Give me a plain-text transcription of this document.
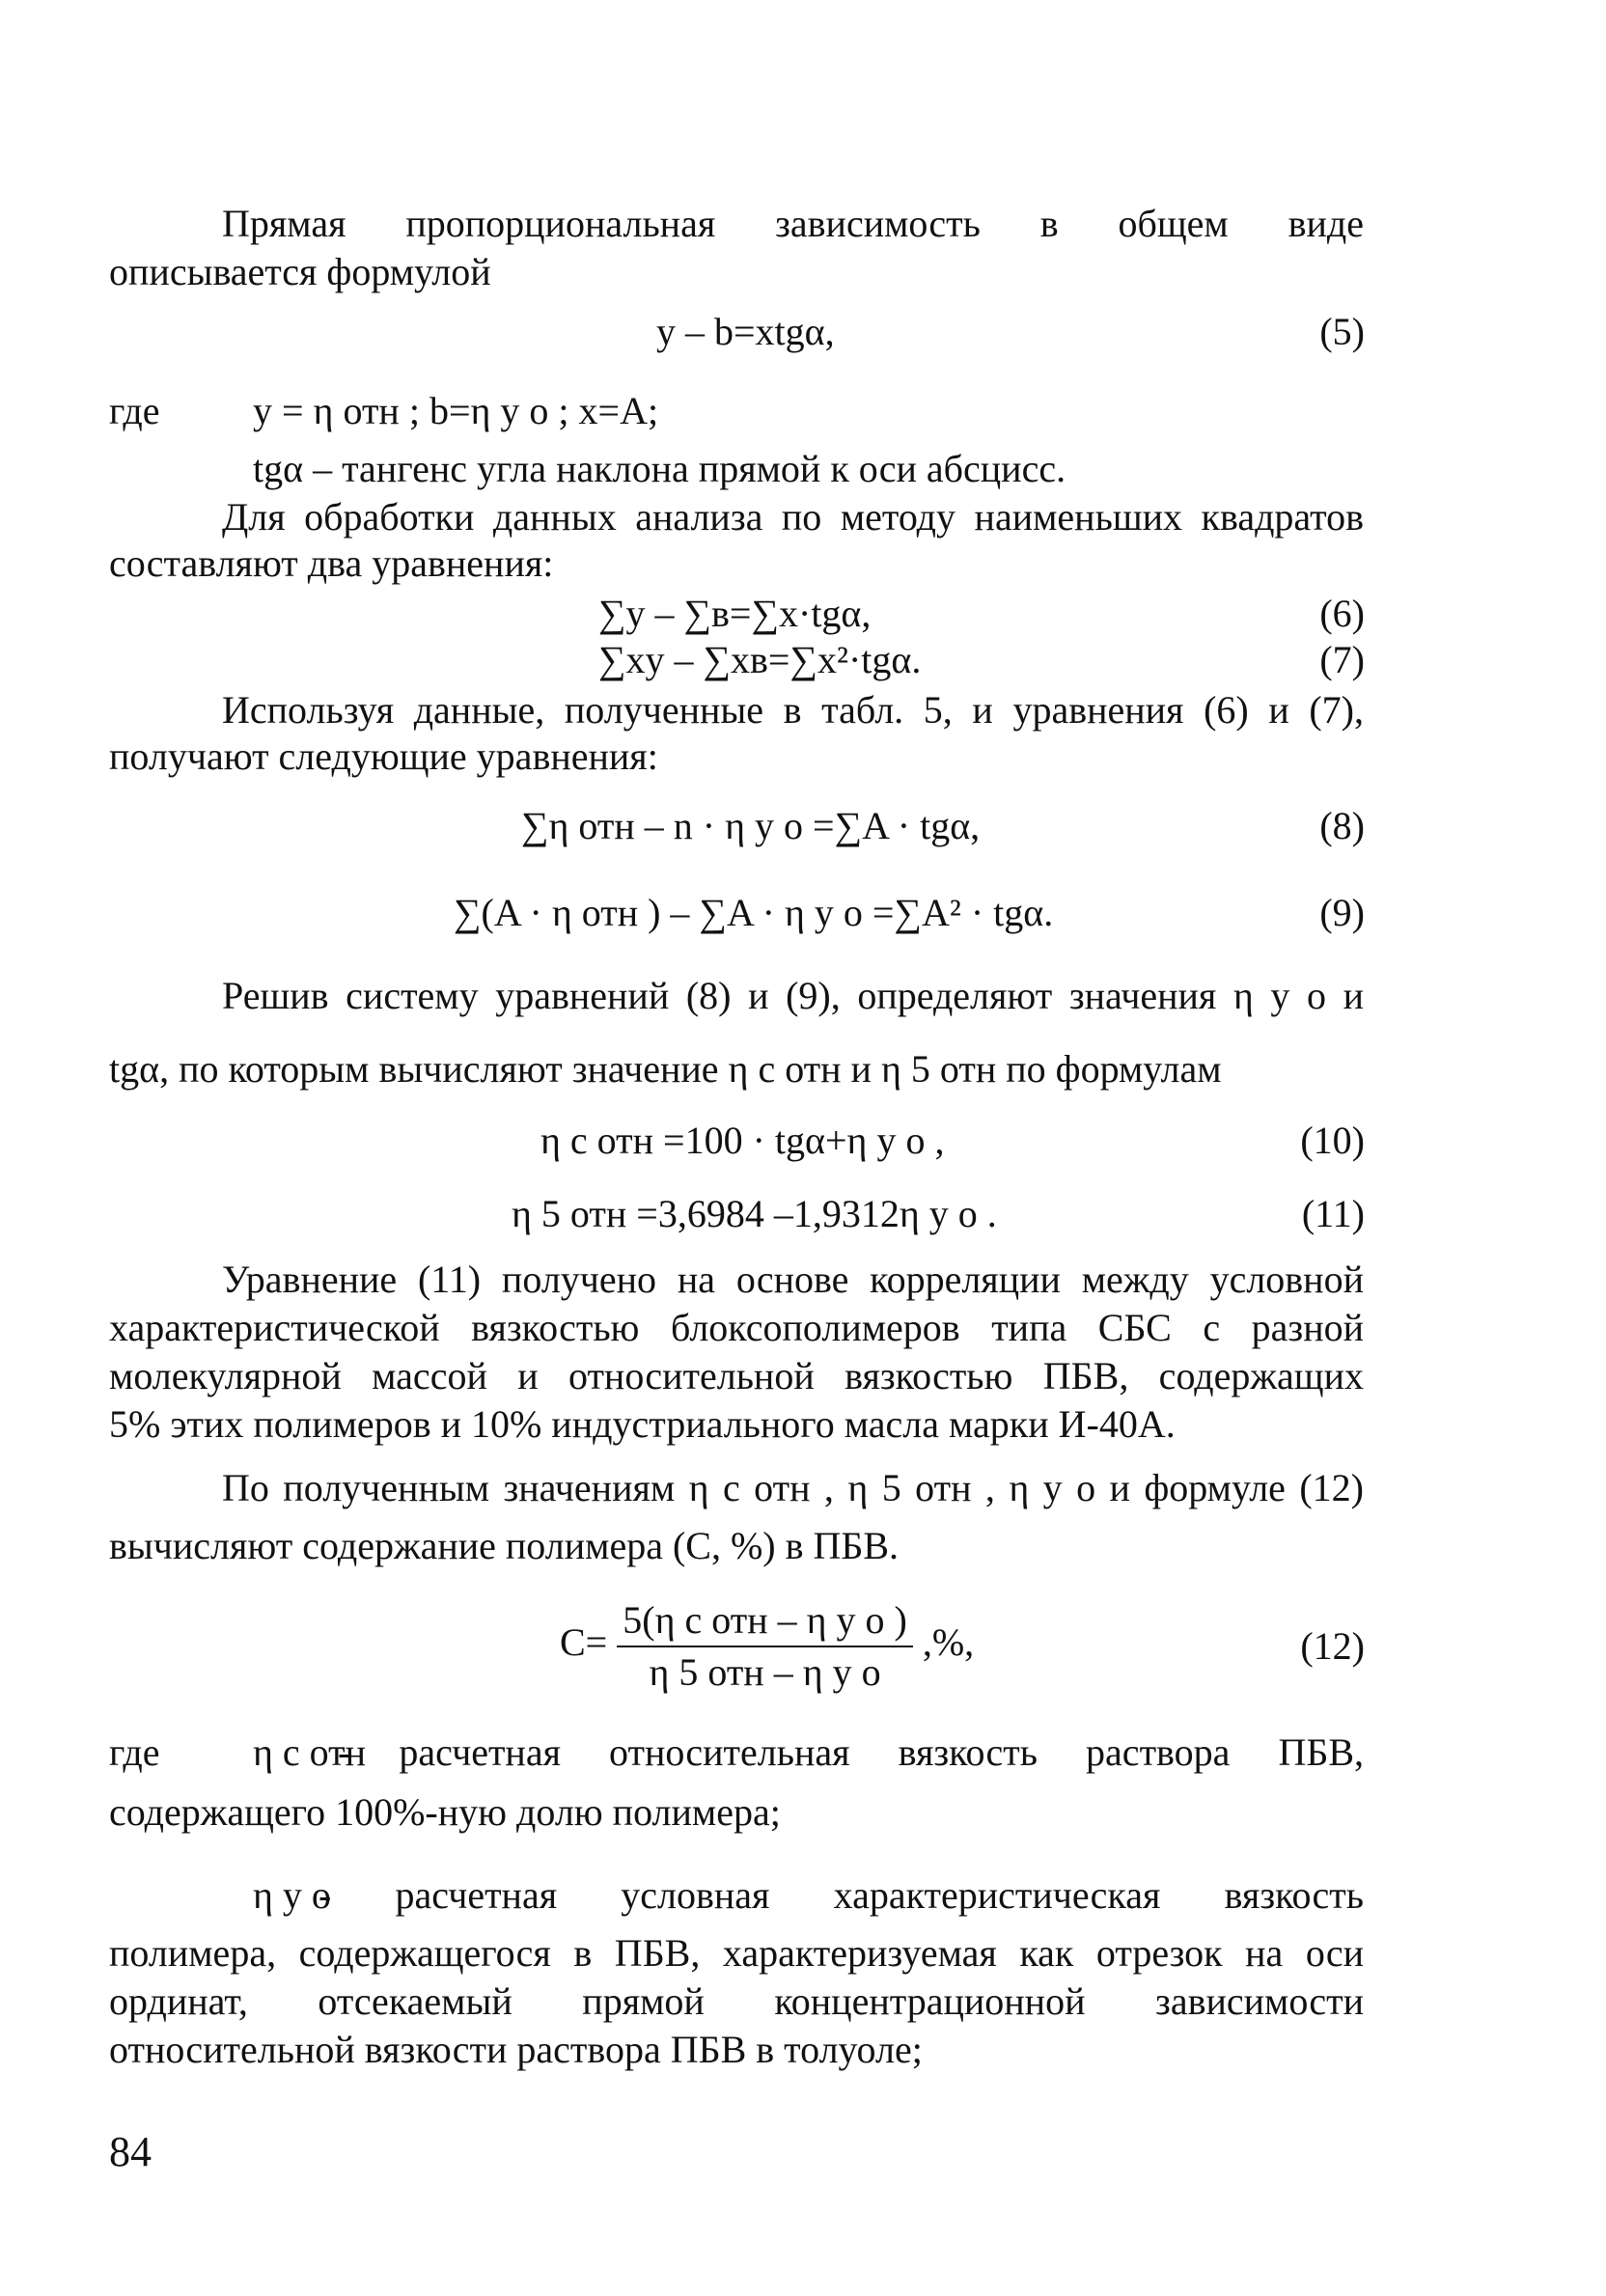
Прямая пропорциональная зависимость в общем виде
описывается формулой
y – b=xtgα,	(5)
где y = η отн ; b=η у о ; x=A;
tgα – тангенс угла наклона прямой к оси абсцисс.
Для обработки данных анализа по методу наименьших квадратов
составляют два уравнения:
∑y – ∑в=∑x·tgα,	(6)
∑xy – ∑xв=∑x²·tgα.	(7)
Используя данные, полученные в табл. 5, и уравнения (6) и (7),
получают следующие уравнения:
∑η отн – n · η у о =∑A · tgα,	(8)
∑(A · η отн ) – ∑A · η у о =∑A² · tgα.	(9)
Решив систему уравнений (8) и (9), определяют значения η у о и
tgα, по которым вычисляют значение η с отн и η 5 отн по формулам
η с отн =100 · tgα+η у о ,	(10)
η 5 отн =3,6984 –1,9312η у о .	(11)
Уравнение (11) получено на основе корреляции между условной
характеристической вязкостью блоксополимеров типа СБС с разной
молекулярной массой и относительной вязкостью ПБВ, содержащих
5% этих полимеров и 10% индустриального масла марки И-40А.
По полученным значениям η с отн , η 5 отн , η у о и формуле (12)
вычисляют содержание полимера (С, %) в ПБВ.
$C= \frac{\text{5(η с отн – η у о )}}{\text{η 5 отн – η у о}}$ ,%,	(12)
где η с отн
- расчетная относительная вязкость раствора ПБВ,
содержащего 100%-ную долю полимера;
η у о
- расчетная условная характеристическая вязкость
полимера, содержащегося в ПБВ, характеризуемая как отрезок на оси
ординат, отсекаемый прямой концентрационной зависимости
относительной вязкости раствора ПБВ в толуоле;
84
